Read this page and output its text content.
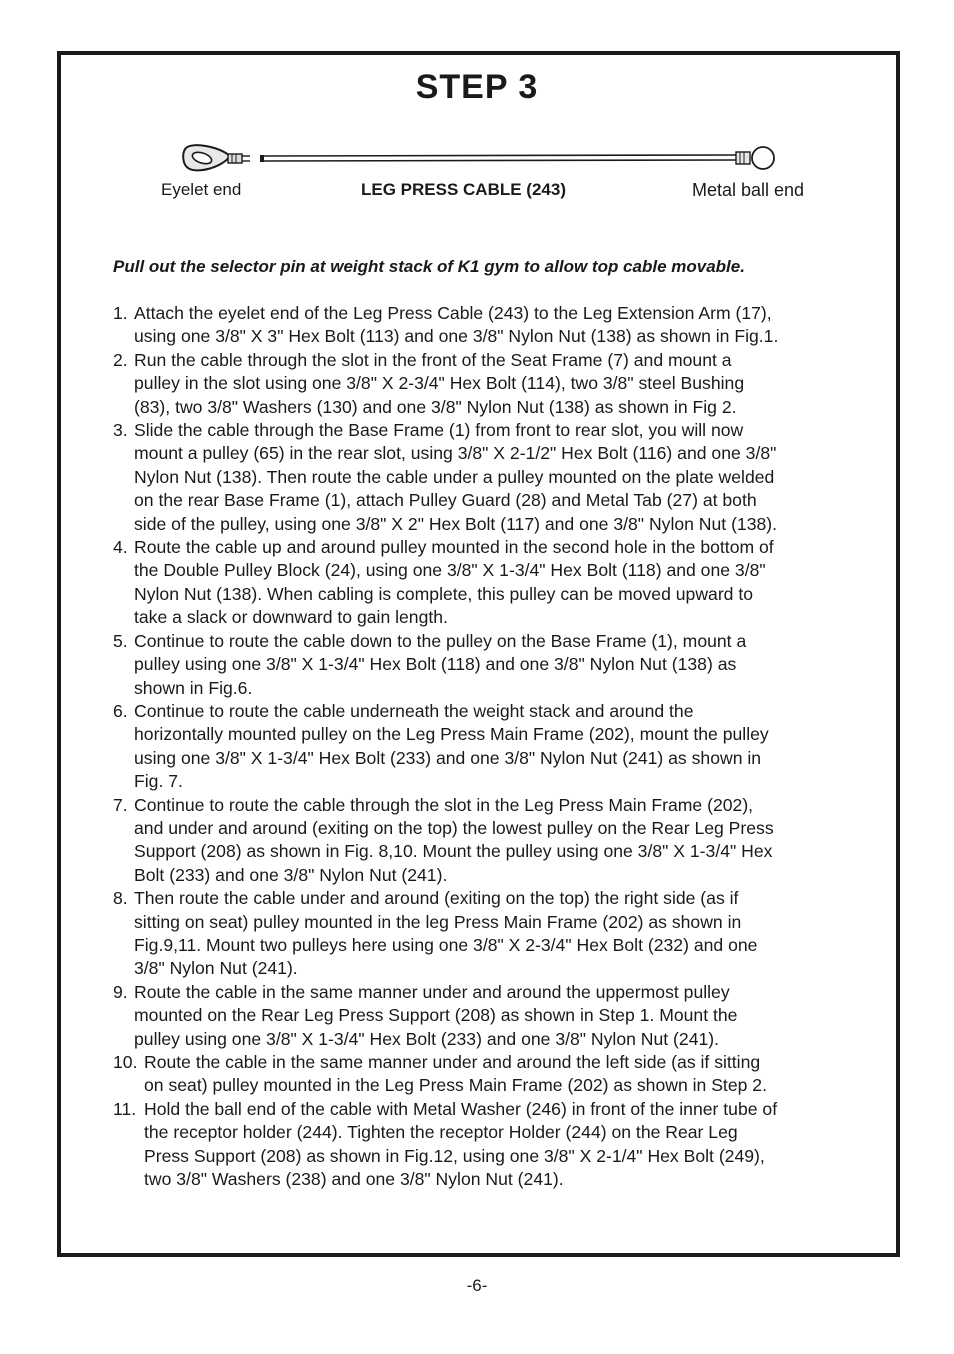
STEP 3
Eyelet end	LEG PRESS CABLE (243)	Metal ball end
Pull out the selector pin at weight stack of K1 gym to allow top cable movable.
1. Attach the eyelet end of the Leg Press Cable (243) to the Leg Extension Arm (17),
using one 3/8" X 3" Hex Bolt (113) and one 3/8" Nylon Nut (138) as shown in Fig.1.
2. Run the cable through the slot in the front of the Seat Frame (7) and mount a
pulley in the slot using one 3/8" X 2-3/4" Hex Bolt (114), two 3/8" steel Bushing
(83), two 3/8" Washers (130) and one 3/8" Nylon Nut (138) as shown in Fig 2.
3. Slide the cable through the Base Frame (1) from front to rear slot, you will now
mount a pulley (65) in the rear slot, using 3/8" X 2-1/2" Hex Bolt (116) and one 3/8"
Nylon Nut (138). Then route the cable under a pulley mounted on the plate welded
on the rear Base Frame (1), attach Pulley Guard (28) and Metal Tab (27) at both
side of the pulley, using one 3/8" X 2" Hex Bolt (117) and one 3/8" Nylon Nut (138).
4. Route the cable up and around pulley mounted in the second hole in the bottom of
the Double Pulley Block (24), using one 3/8" X 1-3/4" Hex Bolt (118) and one 3/8"
Nylon Nut (138). When cabling is complete, this pulley can be moved upward to
take a slack or downward to gain length.
5. Continue to route the cable down to the pulley on the Base Frame (1), mount a
pulley using one 3/8" X 1-3/4" Hex Bolt (118) and one 3/8" Nylon Nut (138) as
shown in Fig.6.
6. Continue to route the cable underneath the weight stack and around the
horizontally mounted pulley on the Leg Press Main Frame (202), mount the pulley
using one 3/8" X 1-3/4" Hex Bolt (233) and one 3/8" Nylon Nut (241) as shown in
Fig. 7.
7. Continue to route the cable through the slot in the Leg Press Main Frame (202),
and under and around (exiting on the top) the lowest pulley on the Rear Leg Press
Support (208) as shown in Fig. 8,10. Mount the pulley using one 3/8" X 1-3/4" Hex
Bolt (233) and one 3/8" Nylon Nut (241).
8. Then route the cable under and around (exiting on the top) the right side (as if
sitting on seat) pulley mounted in the leg Press Main Frame (202) as shown in
Fig.9,11. Mount two pulleys here using one 3/8" X 2-3/4" Hex Bolt (232) and one
3/8" Nylon Nut (241).
9. Route the cable in the same manner under and around the uppermost pulley
mounted on the Rear Leg Press Support (208) as shown in Step 1. Mount the
pulley using one 3/8" X 1-3/4" Hex Bolt (233) and one 3/8" Nylon Nut (241).
10. Route the cable in the same manner under and around the left side (as if sitting
on seat) pulley mounted in the Leg Press Main Frame (202) as shown in Step 2.
11. Hold the ball end of the cable with Metal Washer (246) in front of the inner tube of
the receptor holder (244). Tighten the receptor Holder (244) on the Rear Leg
Press Support (208) as shown in Fig.12, using one 3/8" X 2-1/4" Hex Bolt (249),
two 3/8" Washers (238) and one 3/8" Nylon Nut (241).
-6-
